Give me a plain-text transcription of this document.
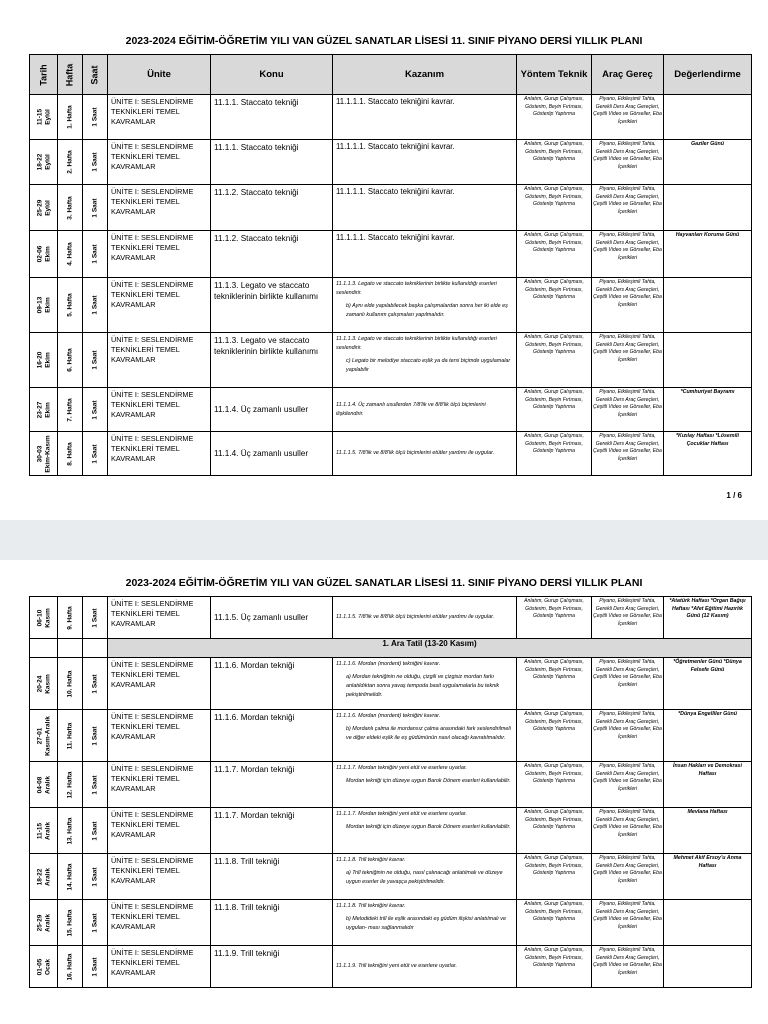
2023-2024 EĞİTİM-ÖĞRETİM YILI VAN GÜZEL SANATLAR LİSESİ 11. SINIF PİYANO DERSİ YILLIK PLANI
Tarih	Hafta	Saat	Ünite	Konu	Kazanım	Yöntem Teknik	Araç Gereç	Değerlendirme

11-15
Eylül	1. Hafta	1 Saat	ÜNİTE I: SESLENDİRME TEKNİKLERİ TEMEL KAVRAMLAR	11.1.1. Staccato tekniği	11.1.1.1. Staccato tekniğini kavrar.	Anlatım, Gurup Çalışması, Gösterim, Beyin Fırtınası, Gösteriip Yaptırma	Piyano, Etkileşimli Tahta, Gerekli Ders Araç Gereçleri, Çeşitli Video ve Görseller, Eba İçerikleri	

18-22
Eylül	2. Hafta	1 Saat	ÜNİTE I: SESLENDİRME TEKNİKLERİ TEMEL KAVRAMLAR	11.1.1. Staccato tekniği	11.1.1.1. Staccato tekniğini kavrar.	Anlatım, Gurup Çalışması, Gösterim, Beyin Fırtınası, Gösteriip Yaptırma	Piyano, Etkileşimli Tahta, Gerekli Ders Araç Gereçleri, Çeşitli Video ve Görseller, Eba İçerikleri	Gaziler Günü

25-29
Eylül	3. Hafta	1 Saat	ÜNİTE I: SESLENDİRME TEKNİKLERİ TEMEL KAVRAMLAR	11.1.2. Staccato tekniği	11.1.1.1. Staccato tekniğini kavrar.	Anlatım, Gurup Çalışması, Gösterim, Beyin Fırtınası, Gösteriip Yaptırma	Piyano, Etkileşimli Tahta, Gerekli Ders Araç Gereçleri, Çeşitli Video ve Görseller, Eba İçerikleri	

02-06
Ekim	4. Hafta	1 Saat	ÜNİTE I: SESLENDİRME TEKNİKLERİ TEMEL KAVRAMLAR	11.1.2. Staccato tekniği	11.1.1.1. Staccato tekniğini kavrar.	Anlatım, Gurup Çalışması, Gösterim, Beyin Fırtınası, Gösteriip Yaptırma	Piyano, Etkileşimli Tahta, Gerekli Ders Araç Gereçleri, Çeşitli Video ve Görseller, Eba İçerikleri	Hayvanları Koruma Günü

09-13
Ekim	5. Hafta	1 Saat	ÜNİTE I: SESLENDİRME TEKNİKLERİ TEMEL KAVRAMLAR	11.1.3. Legato ve staccato tekniklerinin birlikte kullanımı	11.1.1.3. Legato ve staccato tekniklerinin birlikte kullanıldığı eserleri seslendirir.
b) Aynı elde yapılabilecek başka çalışmalardan sonra her iki elde eş zamanlı kullanım çalışmaları yapılmalıdır.	Anlatım, Gurup Çalışması, Gösterim, Beyin Fırtınası, Gösteriip Yaptırma	Piyano, Etkileşimli Tahta, Gerekli Ders Araç Gereçleri, Çeşitli Video ve Görseller, Eba İçerikleri	

16-20
Ekim	6. Hafta	1 Saat	ÜNİTE I: SESLENDİRME TEKNİKLERİ TEMEL KAVRAMLAR	11.1.3. Legato ve staccato tekniklerinin birlikte kullanımı	11.1.1.3. Legato ve staccato tekniklerinin birlikte kullanıldığı eserleri seslendirir.
c) Legato bir melodiye staccato eşlik ya da tersi biçimde uygulamalar yapılabilir	Anlatım, Gurup Çalışması, Gösterim, Beyin Fırtınası, Gösteriip Yaptırma	Piyano, Etkileşimli Tahta, Gerekli Ders Araç Gereçleri, Çeşitli Video ve Görseller, Eba İçerikleri	

23-27
Ekim	7. Hafta	1 Saat	ÜNİTE I: SESLENDİRME TEKNİKLERİ TEMEL KAVRAMLAR	11.1.4. Üç zamanlı usuller	11.1.1.4. Üç zamanlı usullerden 7/8'lik ve 8/8'lik ölçü biçimlerini ilişkilendirir.	Anlatım, Gurup Çalışması, Gösterim, Beyin Fırtınası, Gösteriip Yaptırma	Piyano, Etkileşimli Tahta, Gerekli Ders Araç Gereçleri, Çeşitli Video ve Görseller, Eba İçerikleri	*Cumhuriyet Bayramı

30-03
Ekim-Kasım	8. Hafta	1 Saat	ÜNİTE I: SESLENDİRME TEKNİKLERİ TEMEL KAVRAMLAR	11.1.4. Üç zamanlı usuller	11.1.1.5. 7/8'lik ve 8/8'lik ölçü biçimlerini etütler yardımı ile uygular.	Anlatım, Gurup Çalışması, Gösterim, Beyin Fırtınası, Gösteriip Yaptırma	Piyano, Etkileşimli Tahta, Gerekli Ders Araç Gereçleri, Çeşitli Video ve Görseller, Eba İçerikleri	*Kızılay Haftası *Lösemili Çocuklar Haftası
1 / 6
2023-2024 EĞİTİM-ÖĞRETİM YILI VAN GÜZEL SANATLAR LİSESİ 11. SINIF PİYANO DERSİ YILLIK PLANI
06-10
Kasım	9. Hafta	1 Saat	ÜNİTE I: SESLENDİRME TEKNİKLERİ TEMEL KAVRAMLAR	11.1.5. Üç zamanlı usuller	11.1.1.5. 7/8'lik ve 8/8'lik ölçü biçimlerini etütler yardımı ile uygular.	Anlatım, Gurup Çalışması, Gösterim, Beyin Fırtınası, Gösteriip Yaptırma	Piyano, Etkileşimli Tahta, Gerekli Ders Araç Gereçleri, Çeşitli Video ve Görseller, Eba İçerikleri	*Atatürk Haftası *Organ Bağışı Haftası *Afet Eğitimi Hazırlık Günü (12 Kasım)
			1. Ara Tatil (13-20 Kasım)					

20-24
Kasım	10. Hafta	1 Saat	ÜNİTE I: SESLENDİRME TEKNİKLERİ TEMEL KAVRAMLAR	11.1.6. Mordan tekniği	11.1.1.6. Mordan (mordent) tekniğini kavrar.
a) Mordan tekniğinin ne olduğu, çizgili ve çizgisiz mordan farkı anlatıldıktan sonra yavaş tempoda basit uygulamalarla bu teknik pekiştirilmelidir.	Anlatım, Gurup Çalışması, Gösterim, Beyin Fırtınası, Gösteriip Yaptırma	Piyano, Etkileşimli Tahta, Gerekli Ders Araç Gereçleri, Çeşitli Video ve Görseller, Eba İçerikleri	*Öğretmenler Günü *Dünya Felsefe Günü

27-01
Kasım-Aralık	11. Hafta	1 Saat	ÜNİTE I: SESLENDİRME TEKNİKLERİ TEMEL KAVRAMLAR	11.1.6. Mordan tekniği	11.1.1.6. Mordan (mordent) tekniğini kavrar.
b) Mordanlı çalma ile mordansız çalma arasındaki fark seslendirilmeli ve diğer eldeki eşlik ile eş güdümünün nasıl olacağı kavratılmalıdır.	Anlatım, Gurup Çalışması, Gösterim, Beyin Fırtınası, Gösteriip Yaptırma	Piyano, Etkileşimli Tahta, Gerekli Ders Araç Gereçleri, Çeşitli Video ve Görseller, Eba İçerikleri	*Dünya Engelliler Günü

04-08
Aralık	12. Hafta	1 Saat	ÜNİTE I: SESLENDİRME TEKNİKLERİ TEMEL KAVRAMLAR	11.1.7. Mordan tekniği	11.1.1.7. Mordan tekniğini yeni etüt ve eserlere uyarlar.
Mordan tekniği için düzeye uygun Barok Dönem eserleri kullanılabilir.	Anlatım, Gurup Çalışması, Gösterim, Beyin Fırtınası, Gösteriip Yaptırma	Piyano, Etkileşimli Tahta, Gerekli Ders Araç Gereçleri, Çeşitli Video ve Görseller, Eba İçerikleri	İnsan Hakları ve Demokrasi Haftası

11-15
Aralık	13. Hafta	1 Saat	ÜNİTE I: SESLENDİRME TEKNİKLERİ TEMEL KAVRAMLAR	11.1.7. Mordan tekniği	11.1.1.7. Mordan tekniğini yeni etüt ve eserlere uyarlar.
Mordan tekniği için düzeye uygun Barok Dönem eserleri kullanılabilir.	Anlatım, Gurup Çalışması, Gösterim, Beyin Fırtınası, Gösteriip Yaptırma	Piyano, Etkileşimli Tahta, Gerekli Ders Araç Gereçleri, Çeşitli Video ve Görseller, Eba İçerikleri	Mevlana Haftası

18-22
Aralık	14. Hafta	1 Saat	ÜNİTE I: SESLENDİRME TEKNİKLERİ TEMEL KAVRAMLAR	11.1.8. Trill tekniği	11.1.1.8. Trill tekniğini kavrar.
a) Trill tekniğinin ne olduğu, nasıl çalınacağı anlatılmalı ve düzeye uygun eserler ile yavaşça pekiştirilmelidir.	Anlatım, Gurup Çalışması, Gösterim, Beyin Fırtınası, Gösteriip Yaptırma	Piyano, Etkileşimli Tahta, Gerekli Ders Araç Gereçleri, Çeşitli Video ve Görseller, Eba İçerikleri	Mehmet Akif Ersoy'u Anma Haftası

25-29
Aralık	15. Hafta	1 Saat	ÜNİTE I: SESLENDİRME TEKNİKLERİ TEMEL KAVRAMLAR	11.1.8. Trill tekniği	11.1.1.8. Trill tekniğini kavrar.
b) Melodideki trill ile eşlik arasındaki eş güdüm ilişkisi anlatılmalı ve uygulan- ması sağlanmalıdır	Anlatım, Gurup Çalışması, Gösterim, Beyin Fırtınası, Gösteriip Yaptırma	Piyano, Etkileşimli Tahta, Gerekli Ders Araç Gereçleri, Çeşitli Video ve Görseller, Eba İçerikleri	

01-05
Ocak	16. Hafta	1 Saat	ÜNİTE I: SESLENDİRME TEKNİKLERİ TEMEL KAVRAMLAR	11.1.9. Trill tekniği	11.1.1.9. Trill tekniğini yeni etüt ve eserlere uyarlar.	Anlatım, Gurup Çalışması, Gösterim, Beyin Fırtınası, Gösteriip Yaptırma	Piyano, Etkileşimli Tahta, Gerekli Ders Araç Gereçleri, Çeşitli Video ve Görseller, Eba İçerikleri	
